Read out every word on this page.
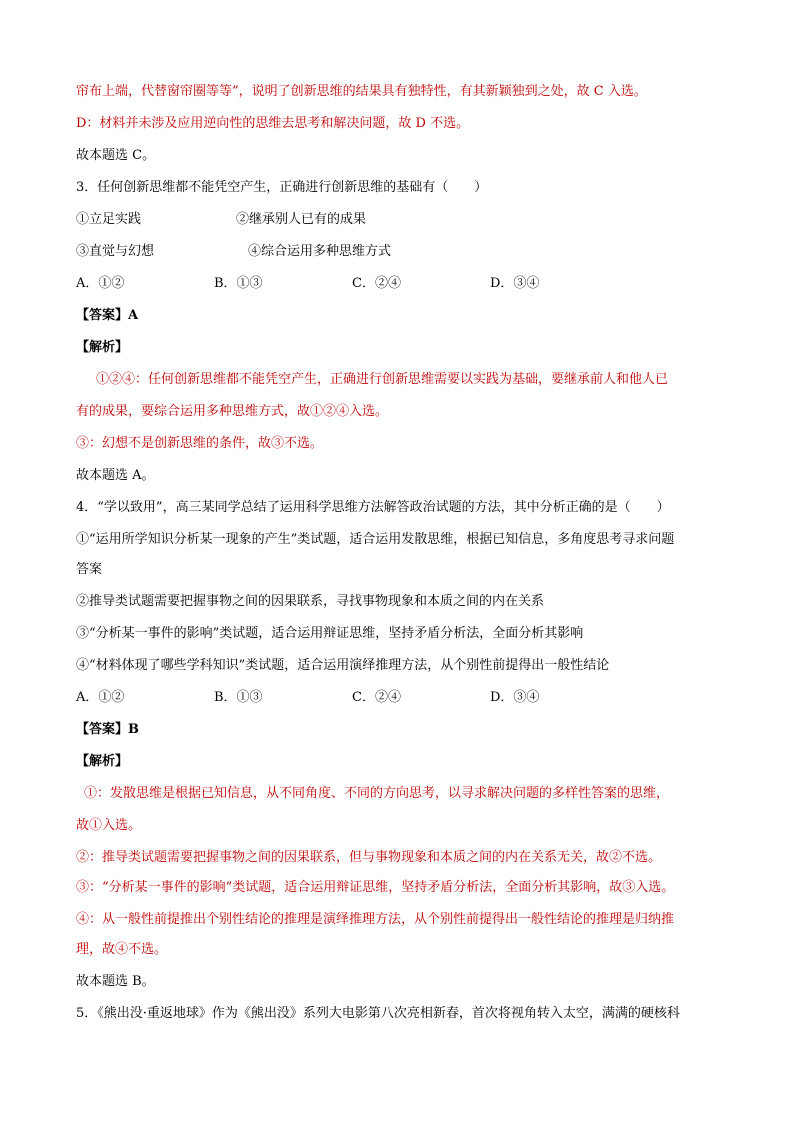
帘布上端，代替窗帘圈等等”，说明了创新思维的结果具有独特性，有其新颖独到之处，故 C 入选。
D：材料并未涉及应用逆向性的思维去思考和解决问题，故 D 不选。
故本题选 C。
3．任何创新思维都不能凭空产生，正确进行创新思维的基础有（　　）
①立足实践	②继承别人已有的成果
③直觉与幻想	④综合运用多种思维方式
A．①②	B．①③	C．②④	D．③④
【答案】A
【解析】
①②④：任何创新思维都不能凭空产生，正确进行创新思维需要以实践为基础，要继承前人和他人已
有的成果，要综合运用多种思维方式，故①②④入选。
③：幻想不是创新思维的条件，故③不选。
故本题选 A。
4．“学以致用”，高三某同学总结了运用科学思维方法解答政治试题的方法，其中分析正确的是（　　）
①“运用所学知识分析某一现象的产生”类试题，适合运用发散思维，根据已知信息，多角度思考寻求问题
答案
②推导类试题需要把握事物之间的因果联系，寻找事物现象和本质之间的内在关系
③“分析某一事件的影响”类试题，适合运用辩证思维，坚持矛盾分析法，全面分析其影响
④“材料体现了哪些学科知识”类试题，适合运用演绎推理方法，从个别性前提得出一般性结论
A．①②	B．①③	C．②④	D．③④
【答案】B
【解析】
①：发散思维是根据已知信息，从不同角度、不同的方向思考，以寻求解决问题的多样性答案的思维，
故①入选。
②：推导类试题需要把握事物之间的因果联系，但与事物现象和本质之间的内在关系无关，故②不选。
③：“分析某一事件的影响”类试题，适合运用辩证思维，坚持矛盾分析法，全面分析其影响，故③入选。
④：从一般性前提推出个别性结论的推理是演绎推理方法，从个别性前提得出一般性结论的推理是归纳推
理，故④不选。
故本题选 B。
5．《熊出没·重返地球》作为《熊出没》系列大电影第八次亮相新春，首次将视角转入太空，满满的硬核科
